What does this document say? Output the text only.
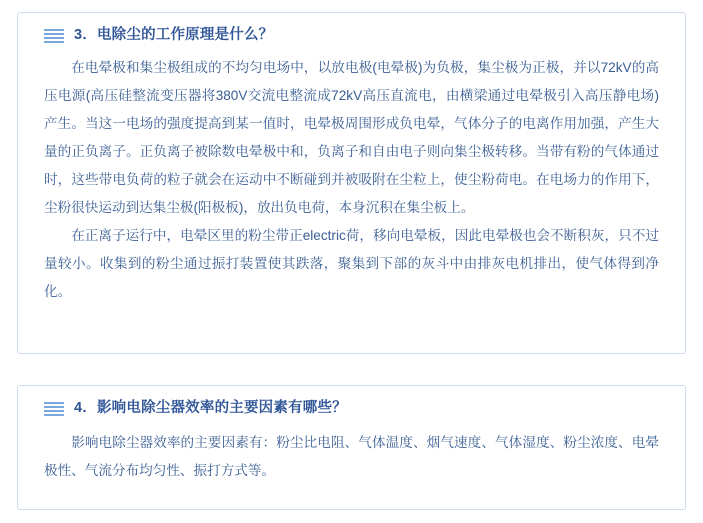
3．电除尘的工作原理是什么？

在电晕极和集尘极组成的不均匀电场中，以放电极(电晕极)为负极，集尘极为正极，并以72kV的高压电源(高压硅整流变压器将380V交流电整流成72kV高压直流电，由横梁通过电晕极引入高压静电场)产生。当这一电场的强度提高到某一值时，电晕极周围形成负电晕，气体分子的电离作用加强，产生大量的正负离子。正负离子被除数电晕极中和，负离子和自由电子则向集尘极转移。当带有粉的气体通过时，这些带电负荷的粒子就会在运动中不断碰到并被吸附在尘粒上，使尘粉荷电。在电场力的作用下，尘粉很快运动到达集尘极(阳极板)，放出负电荷，本身沉积在集尘板上。

在正离子运行中，电晕区里的粉尘带正electric荷，移向电晕板，因此电晕极也会不断积灰，只不过量较小。收集到的粉尘通过振打装置使其跌落，聚集到下部的灰斗中由排灰电机排出，使气体得到净化。

4．影响电除尘器效率的主要因素有哪些？

影响电除尘器效率的主要因素有：粉尘比电阻、气体温度、烟气速度、气体湿度、粉尘浓度、电晕极性、气流分布均匀性、振打方式等。
